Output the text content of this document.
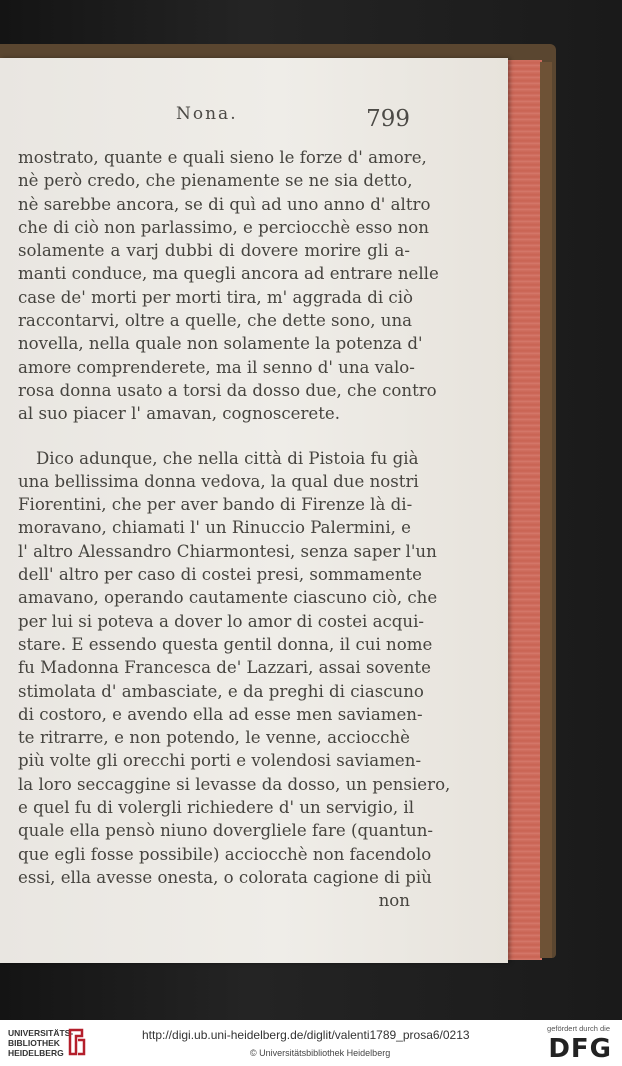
Nona.	799
mostrato, quante e quali sieno le forze d' amore,
nè però credo, che pienamente se ne sia detto,
nè sarebbe ancora, se di quì ad uno anno d' altro
che di ciò non parlassimo, e perciocchè esso non
solamente a varj dubbi di dovere morire gli a-
manti conduce, ma quegli ancora ad entrare nelle
case de' morti per morti tira, m' aggrada di ciò
raccontarvi, oltre a quelle, che dette sono, una
novella, nella quale non solamente la potenza d'
amore comprenderete, ma il senno d' una valo-
rosa donna usato a torsi da dosso due, che contro
al suo piacer l' amavan, cognoscerete.
Dico adunque, che nella città di Pistoia fu già
una bellissima donna vedova, la qual due nostri
Fiorentini, che per aver bando di Firenze là di-
moravano, chiamati l' un Rinuccio Palermini, e
l' altro Alessandro Chiarmontesi, senza saper l'un
dell' altro per caso di costei presi, sommamente
amavano, operando cautamente ciascuno ciò, che
per lui si poteva a dover lo amor di costei acqui-
stare. E essendo questa gentil donna, il cui nome
fu Madonna Francesca de' Lazzari, assai sovente
stimolata d' ambasciate, e da preghi di ciascuno
di costoro, e avendo ella ad esse men saviamen-
te ritrarre, e non potendo, le venne, acciocchè
più volte gli orecchi porti e volendosi saviamen-
la loro seccaggine si levasse da dosso, un pensiero,
e quel fu di volergli richiedere d' un servigio, il
quale ella pensò niuno dovergliele fare (quantun-
que egli fosse possibile) acciocchè non facendolo
essi, ella avesse onesta, o colorata cagione di più
non
UNIVERSITÄTS-
BIBLIOTHEK
HEIDELBERG
http://digi.ub.uni-heidelberg.de/diglit/valenti1789_prosa6/0213
© Universitätsbibliothek Heidelberg
gefördert durch die
DFG
